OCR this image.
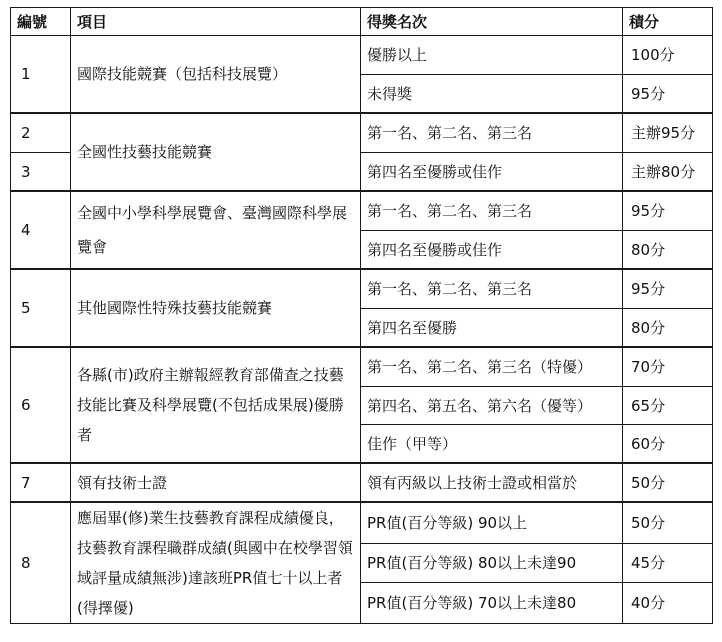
編號	項目	得獎名次	積分
1	國際技能競賽（包括科技展覽）	優勝以上	100分
		未得獎	95分
2	全國性技藝技能競賽	第一名、第二名、第三名	主辦95分
3		第四名至優勝或佳作	主辦80分
4	全國中小學科學展覽會、臺灣國際科學展覽會	第一名、第二名、第三名	95分
		第四名至優勝或佳作	80分
5	其他國際性特殊技藝技能競賽	第一名、第二名、第三名	95分
		第四名至優勝	80分
6	各縣(市)政府主辦報經教育部備查之技藝技能比賽及科學展覽(不包括成果展)優勝者	第一名、第二名、第三名（特優）	70分
		第四名、第五名、第六名（優等）	65分
		佳作（甲等）	60分
7	領有技術士證	領有丙級以上技術士證或相當於	50分
8	應屆畢(修)業生技藝教育課程成績優良，技藝教育課程職群成績(與國中在校學習領域評量成績無涉)達該班PR值七十以上者(得擇優)	PR值(百分等級) 90以上	50分
		PR值(百分等級) 80以上未達90	45分
		PR值(百分等級) 70以上未達80	40分
